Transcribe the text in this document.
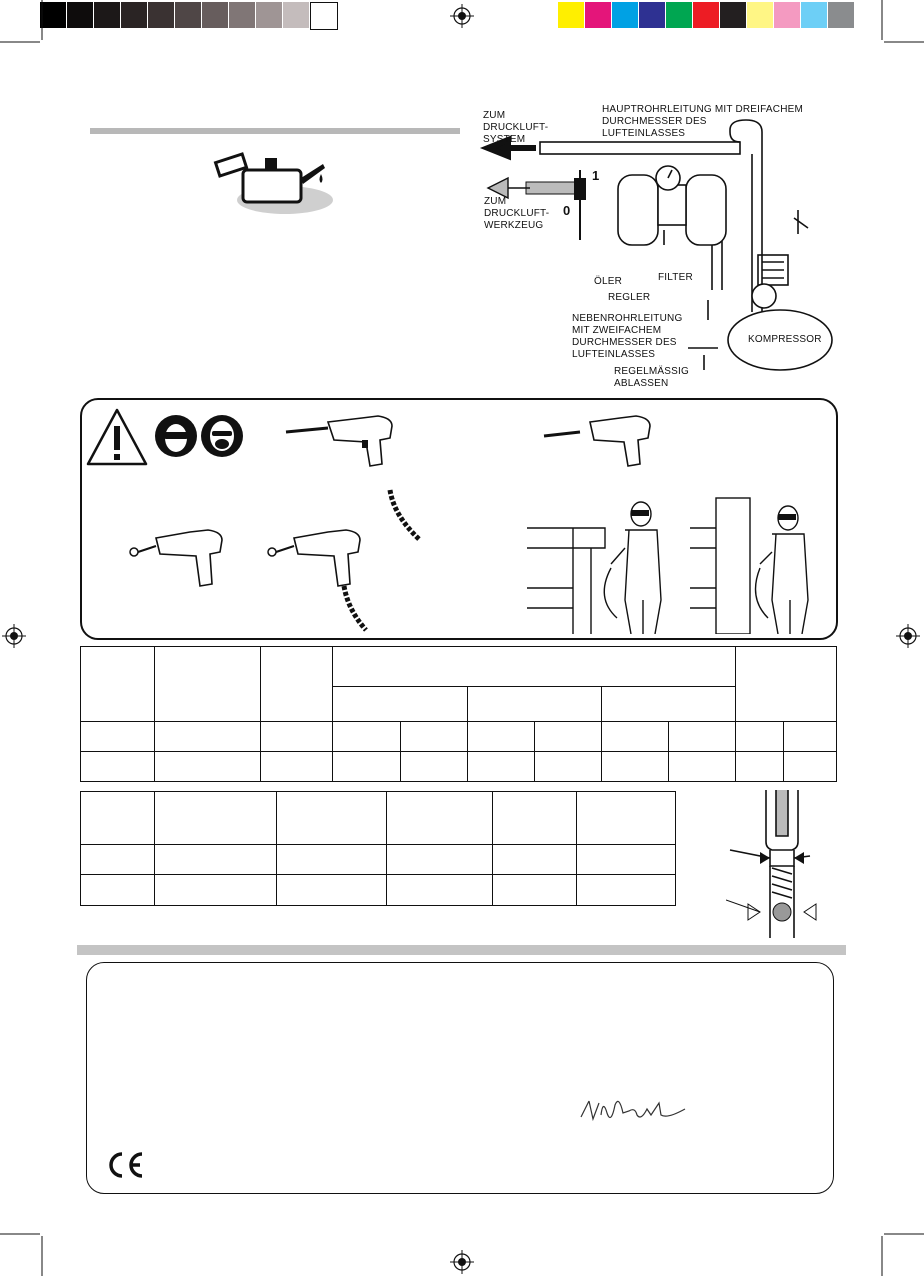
HAUPTROHRLEITUNG MIT DREIFACHEM
DURCHMESSER DES
LUFTEINLASSES
ZUM
DRUCKLUFT-
SYSTEM
ZUM
DRUCKLUFT-
WERKZEUG
1
0
ÖLER	FILTER
REGLER
NEBENROHRLEITUNG
MIT ZWEIFACHEM
DURCHMESSER DES
LUFTEINLASSES
KOMPRESSOR
REGELMÄSSIG
ABLASSEN
